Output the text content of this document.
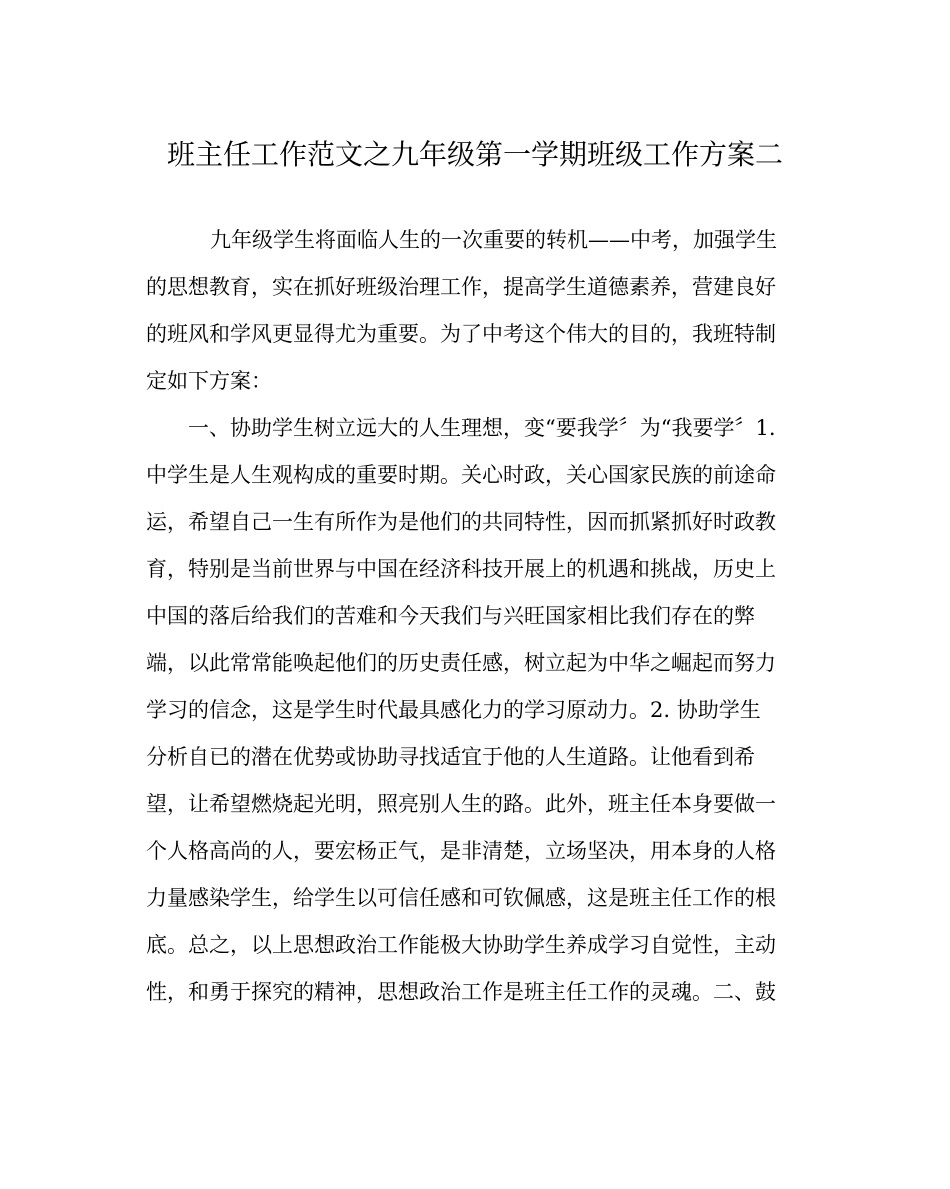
班主任工作范文之九年级第一学期班级工作方案二
九年级学生将面临人生的一次重要的转机——中考，加强学生
的思想教育，实在抓好班级治理工作，提高学生道德素养，营建良好
的班风和学风更显得尤为重要。为了中考这个伟大的目的，我班特制
定如下方案：
一、协助学生树立远大的人生理想，变“要我学〞为“我要学〞1.
中学生是人生观构成的重要时期。关心时政，关心国家民族的前途命
运，希望自己一生有所作为是他们的共同特性，因而抓紧抓好时政教
育，特别是当前世界与中国在经济科技开展上的机遇和挑战，历史上
中国的落后给我们的苦难和今天我们与兴旺国家相比我们存在的弊
端，以此常常能唤起他们的历史责任感，树立起为中华之崛起而努力
学习的信念，这是学生时代最具感化力的学习原动力。2. 协助学生
分析自已的潜在优势或协助寻找适宜于他的人生道路。让他看到希
望，让希望燃烧起光明，照亮别人生的路。此外，班主任本身要做一
个人格高尚的人，要宏杨正气，是非清楚，立场坚决，用本身的人格
力量感染学生，给学生以可信任感和可钦佩感，这是班主任工作的根
底。总之，以上思想政治工作能极大协助学生养成学习自觉性，主动
性，和勇于探究的精神，思想政治工作是班主任工作的灵魂。二、鼓
